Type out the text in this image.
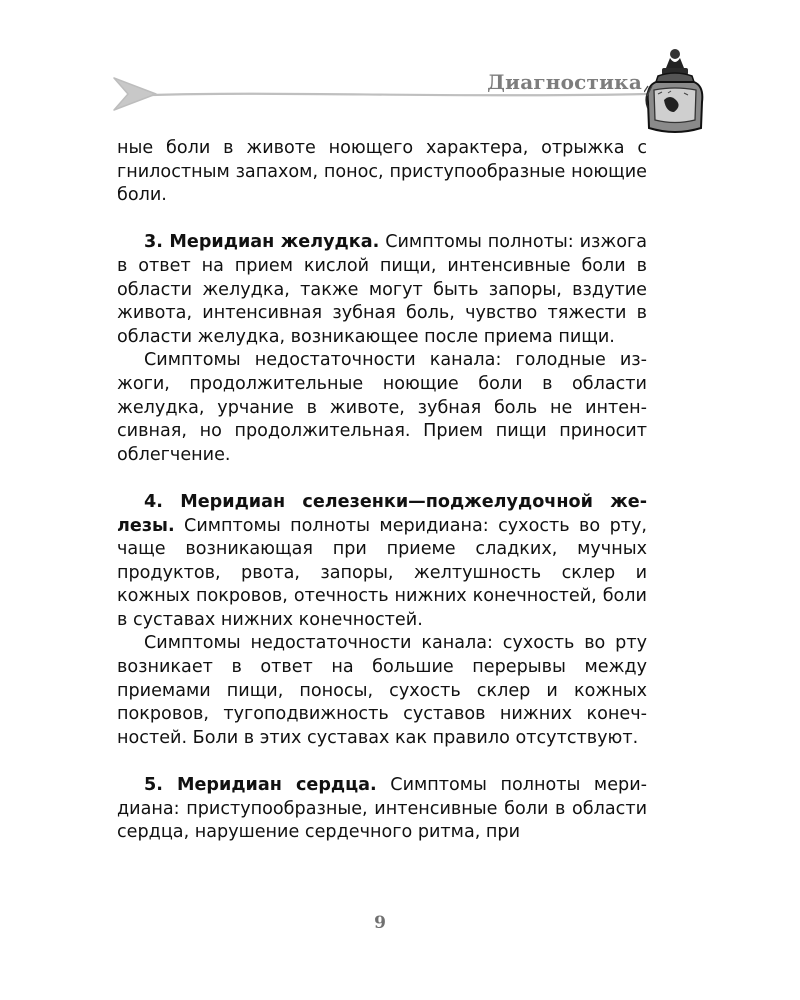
Диагностика

ные боли в животе ноющего характера, отрыжка с гнилостным запахом, понос, приступообразные ноющие боли.

3. Меридиан желудка. Симптомы полноты: изжога в ответ на прием кислой пищи, интенсивные боли в области желудка, также могут быть запоры, вздутие живота, интенсивная зубная боль, чувство тяжести в области желудка, возникающее после приема пищи.

Симптомы недостаточности канала: голодные изжоги, продолжительные ноющие боли в области желудка, урчание в животе, зубная боль не интенсивная, но продолжительная. Прием пищи приносит облегчение.

4. Меридиан селезенки—поджелудочной железы. Симптомы полноты меридиана: сухость во рту, чаще возникающая при приеме сладких, мучных продуктов, рвота, запоры, желтушность склер и кожных покровов, отечность нижних конечностей, боли в суставах нижних конечностей.

Симптомы недостаточности канала: сухость во рту возникает в ответ на большие перерывы между приемами пищи, поносы, сухость склер и кожных покровов, тугоподвижность суставов нижних конечностей. Боли в этих суставах как правило отсутствуют.

5. Меридиан сердца. Симптомы полноты меридиана: приступообразные, интенсивные боли в области сердца, нарушение сердечного ритма, при

9
